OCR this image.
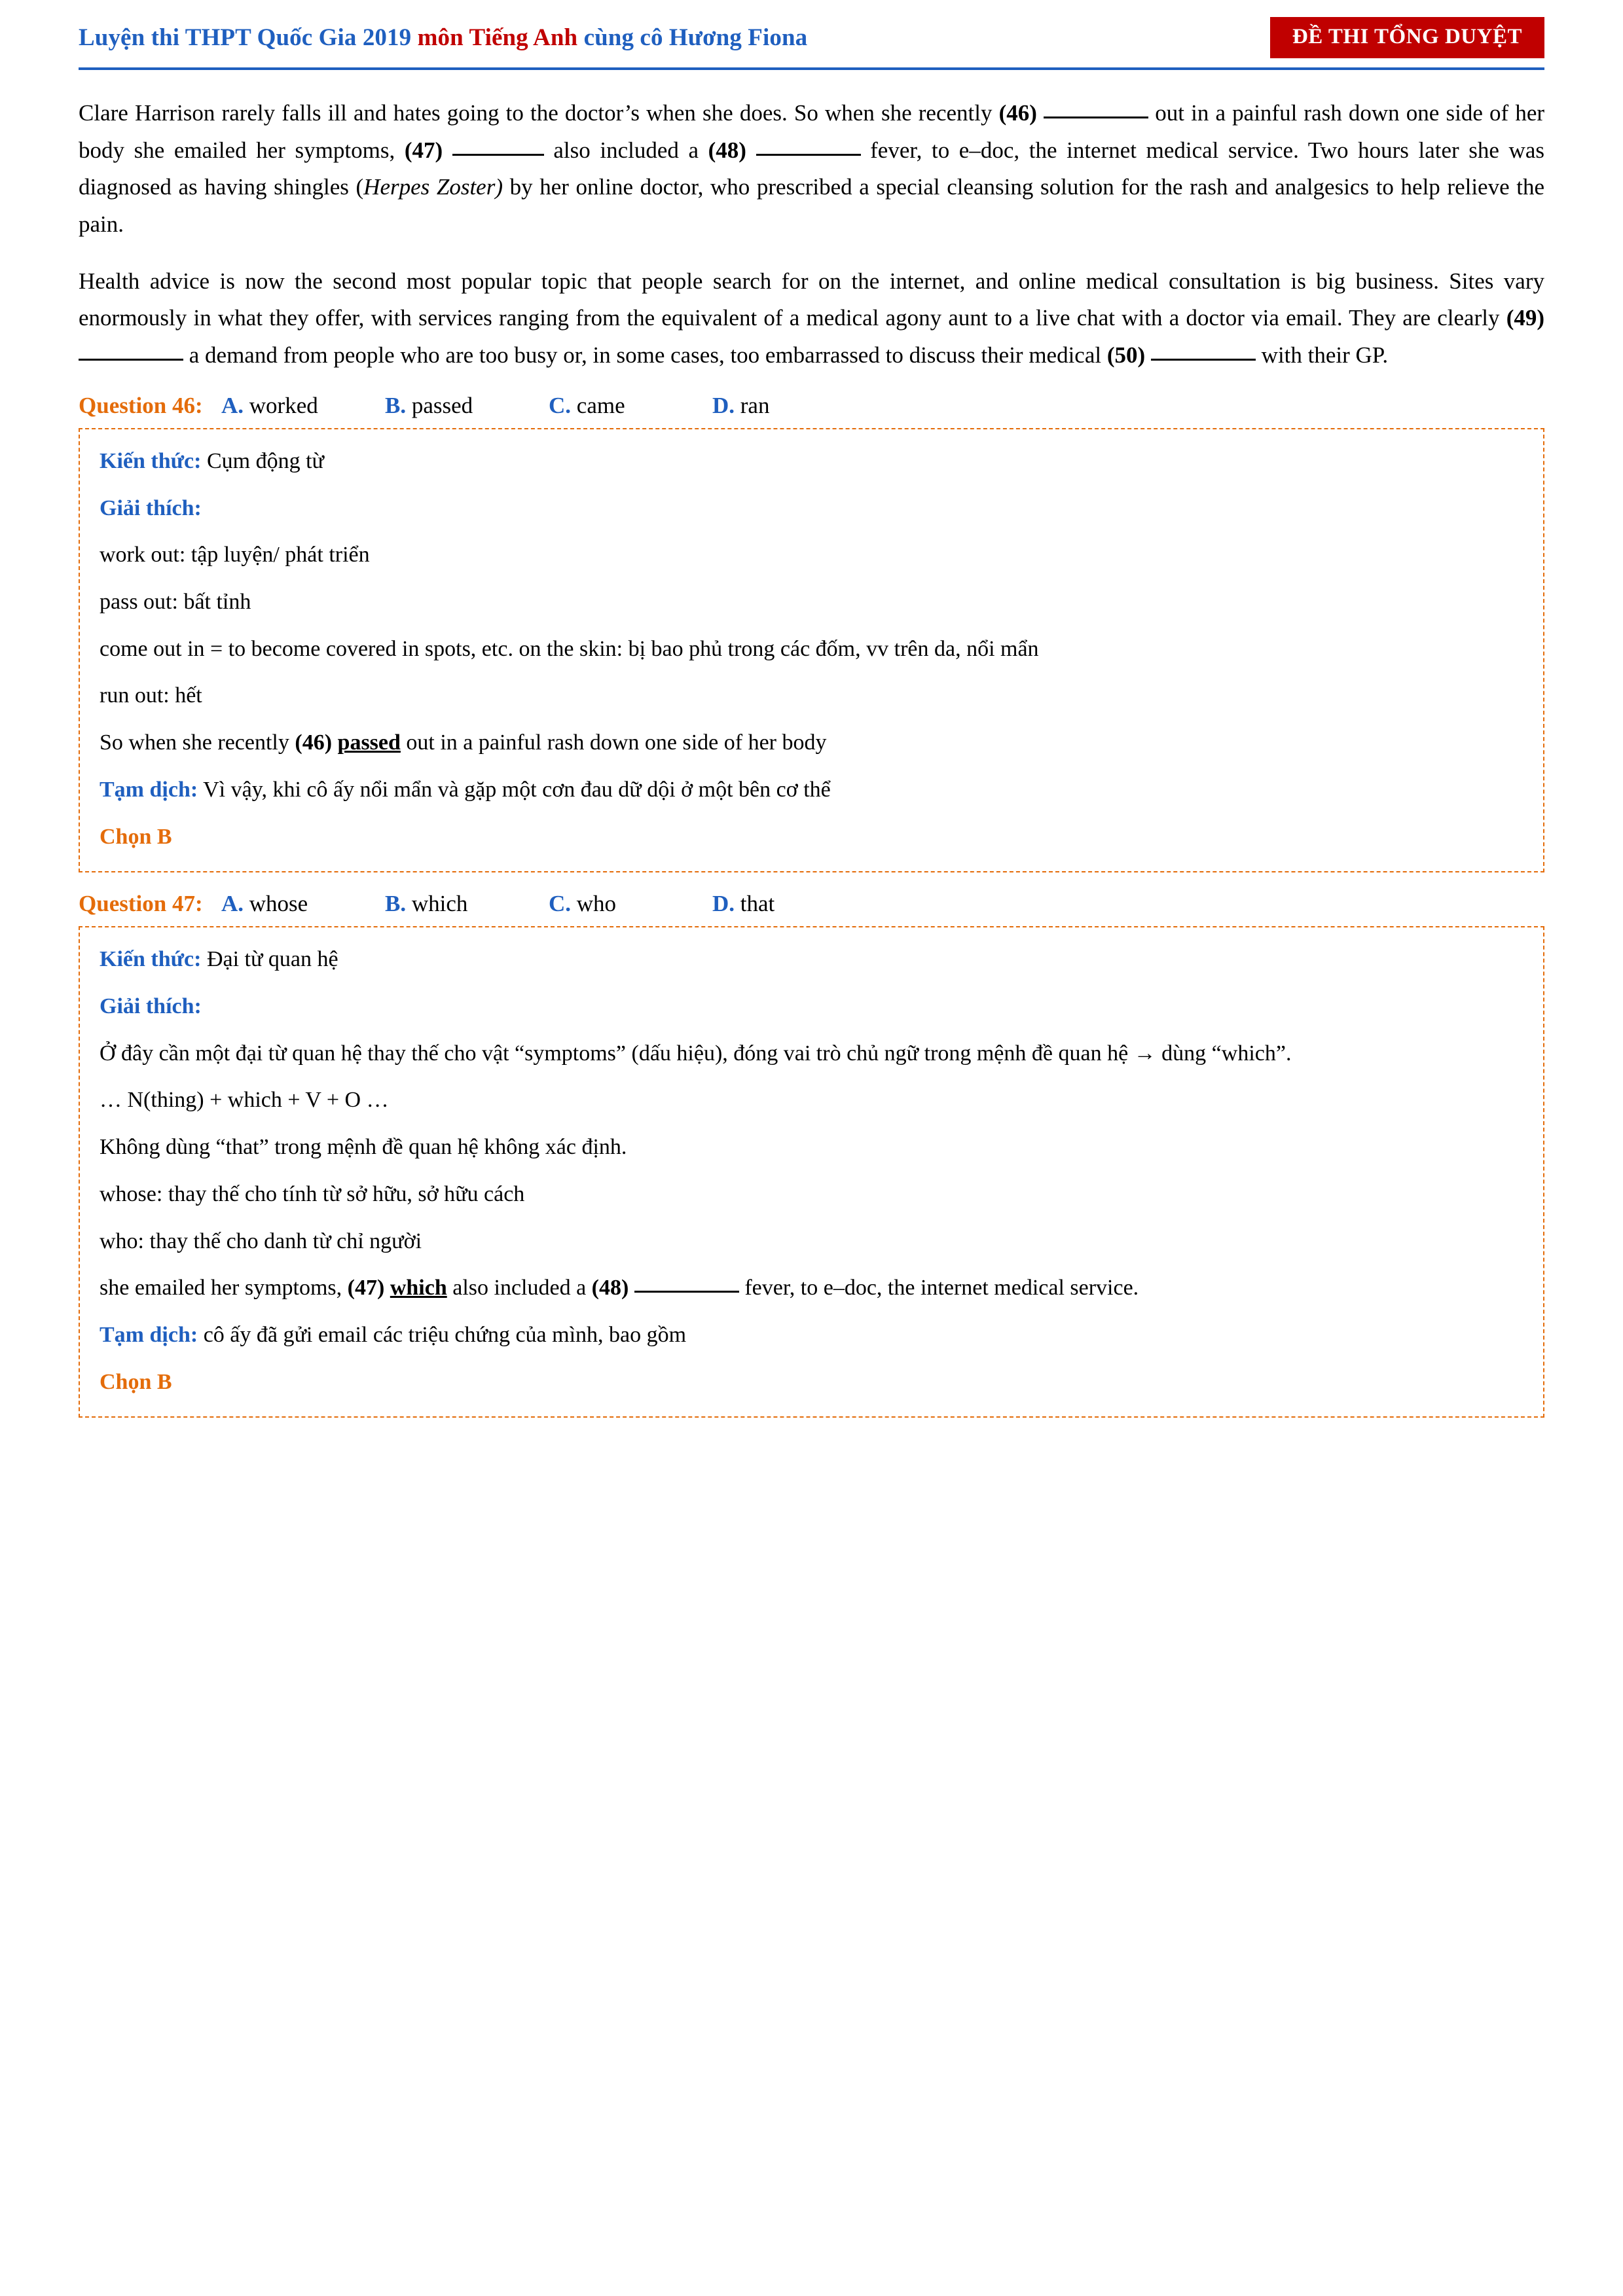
Luyện thi THPT Quốc Gia 2019 môn Tiếng Anh cùng cô Hương Fiona	ĐỀ THI TỔNG DUYỆT

Clare Harrison rarely falls ill and hates going to the doctor’s when she does. So when she recently (46)	out in a painful rash down one side of her body she emailed her symptoms, (47)	also included a (48)	fever, to e–doc, the internet medical service. Two hours later she was diagnosed as having shingles (Herpes Zoster) by her online doctor, who prescribed a special cleansing solution for the rash and analgesics to help relieve the pain.

Health advice is now the second most popular topic that people search for on the internet, and online medical consultation is big business. Sites vary enormously in what they offer, with services ranging from the equivalent of a medical agony aunt to a live chat with a doctor via email. They are clearly (49)  a demand from people who are too busy or, in some cases, too embarrassed to discuss their medical (50)	with their GP.

Question 46: A. worked	B. passed	C. came	D. ran

Kiến thức: Cụm động từ

Giải thích:

work out: tập luyện/ phát triển

pass out: bất tỉnh

come out in = to become covered in spots, etc. on the skin: bị bao phủ trong các đốm, vv trên da, nổi mẩn

run out: hết

So when she recently (46) passed out in a painful rash down one side of her body

Tạm dịch: Vì vậy, khi cô ấy nổi mẩn và gặp một cơn đau dữ dội ở một bên cơ thể

Chọn B

Question 47: A. whose	B. which	C. who	D. that

Kiến thức: Đại từ quan hệ

Giải thích:

Ở đây cần một đại từ quan hệ thay thế cho vật “symptoms” (dấu hiệu), đóng vai trò chủ ngữ trong mệnh đề quan hệ → dùng “which”.

… N(thing) + which + V + O …

Không dùng “that” trong mệnh đề quan hệ không xác định.

whose: thay thế cho tính từ sở hữu, sở hữu cách

who: thay thế cho danh từ chỉ người

she emailed her symptoms, (47) which also included a (48)	fever, to e–doc, the internet medical service.

Tạm dịch: cô ấy đã gửi email các triệu chứng của mình, bao gồm

Chọn B
